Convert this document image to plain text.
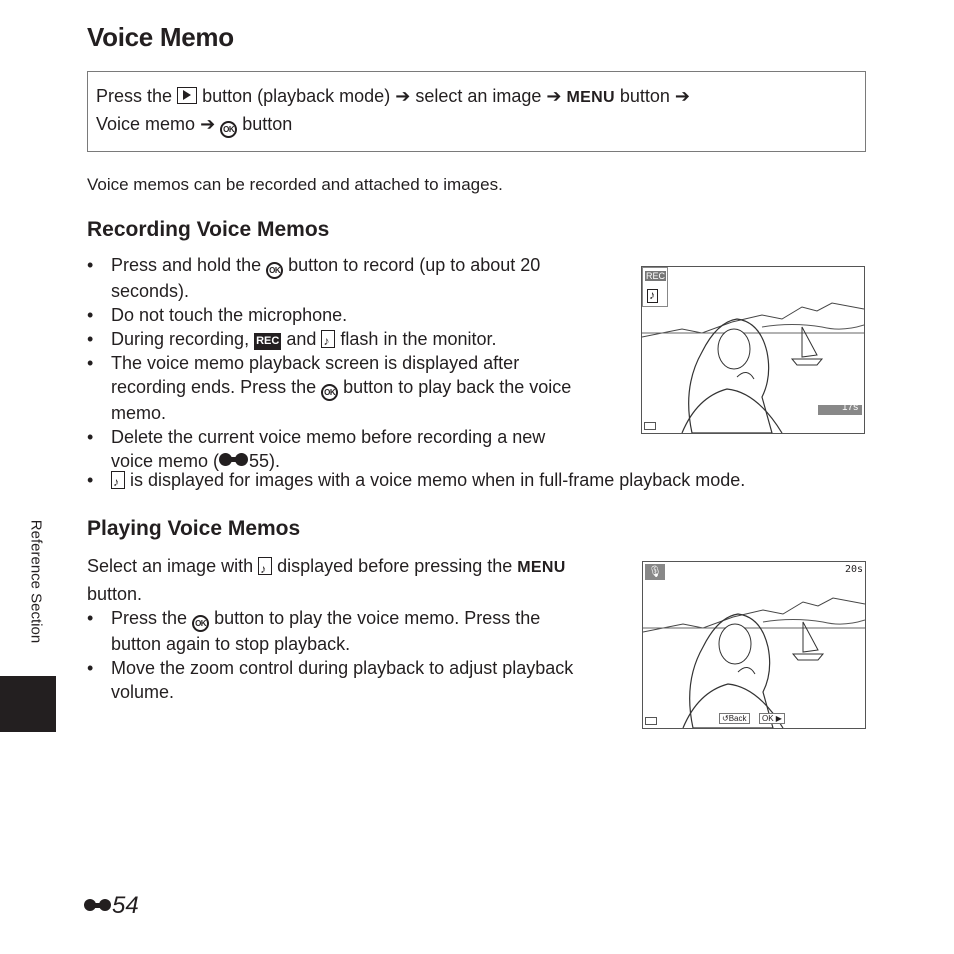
Voice Memo
Press the button (playback mode) ➔ select an image ➔ MENU button ➔
Voice memo ➔ OK button
Voice memos can be recorded and attached to images.
Recording Voice Memos
• Press and hold the OK button to record (up to about 20
seconds).
• Do not touch the microphone.
• During recording, REC and ♪ flash in the monitor.
• The voice memo playback screen is displayed after
recording ends. Press the OK button to play back the voice
memo.
• Delete the current voice memo before recording a new
voice memo ( 55).
• ♪ is displayed for images with a voice memo when in full-frame playback mode.
Playing Voice Memos
Select an image with ♪ displayed before pressing the MENU
button.
• Press the OK button to play the voice memo. Press the
button again to stop playback.
• Move the zoom control during playback to adjust playback
volume.
REC
♪
17s
🎙	20s
↺Back	OK ▶
Reference Section
54
